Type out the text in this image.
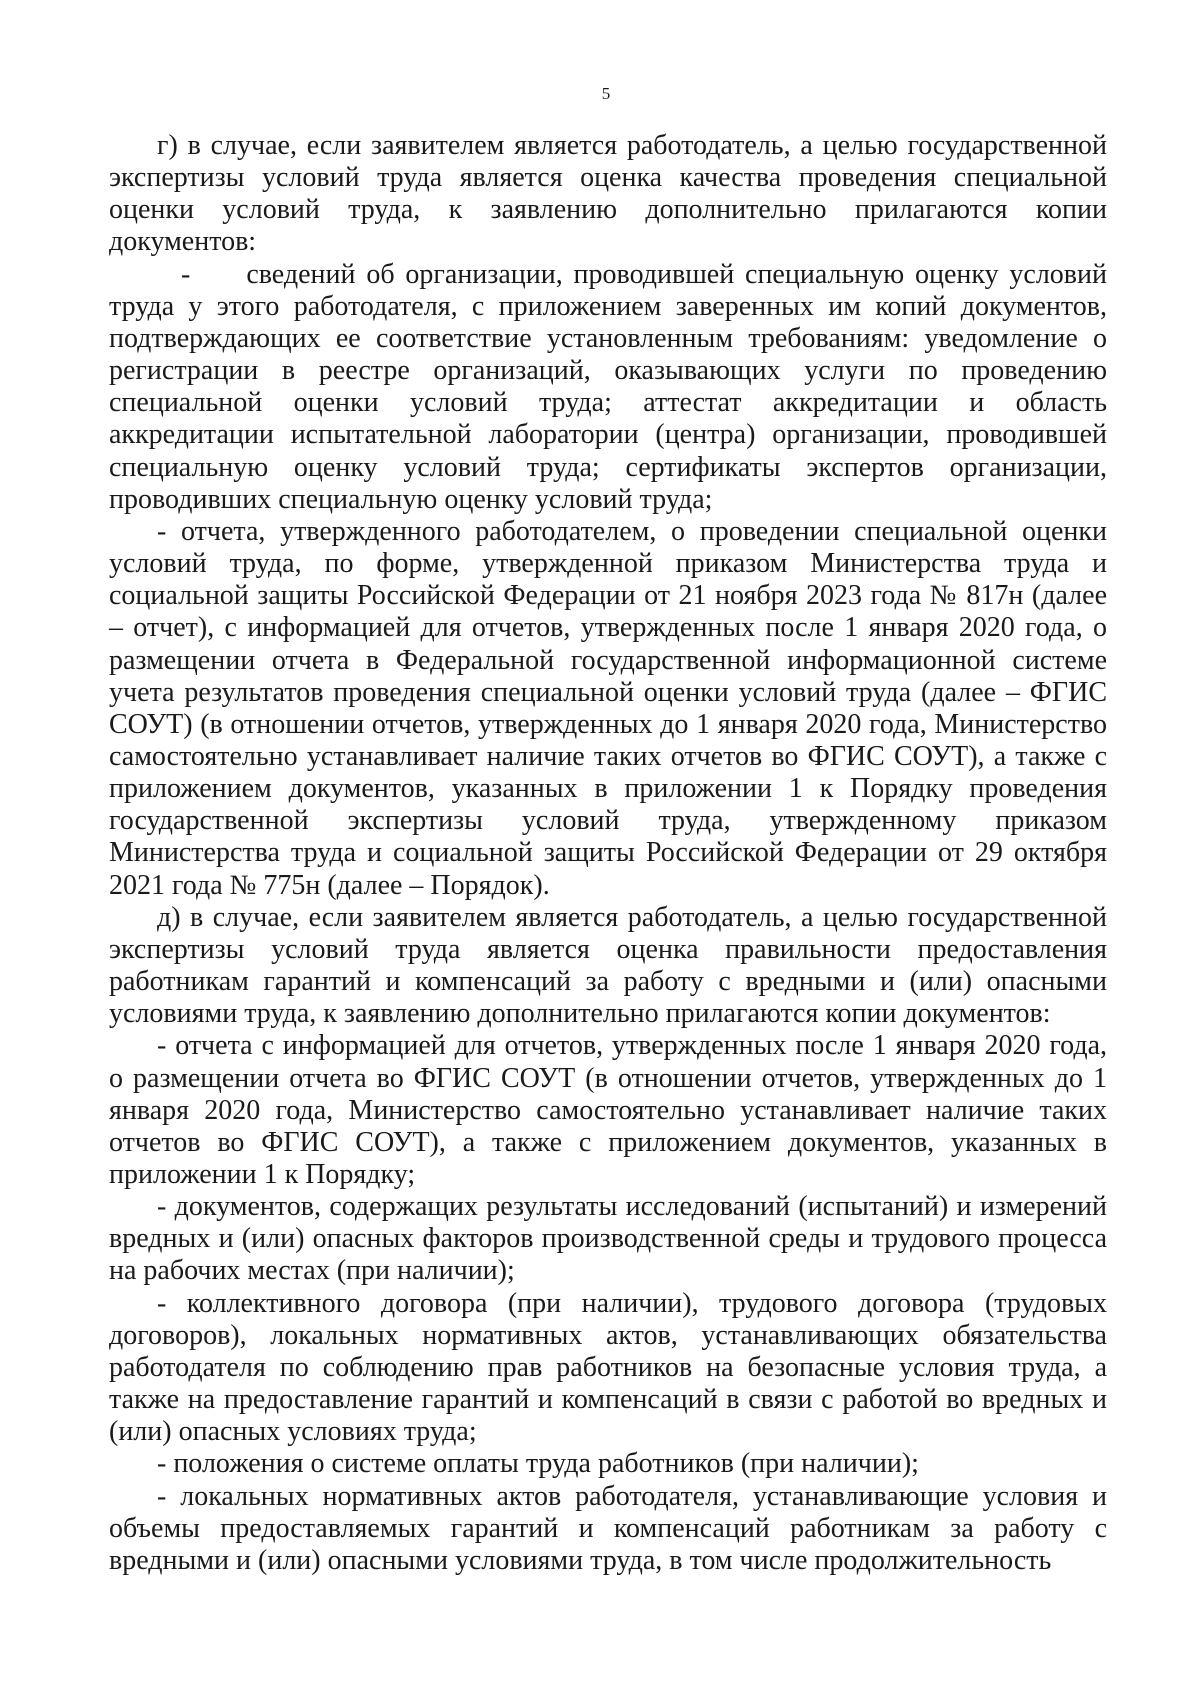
5

г) в случае, если заявителем является работодатель, а целью государственной экспертизы условий труда является оценка качества проведения специальной оценки условий труда, к заявлению дополнительно прилагаются копии документов:

-  сведений об организации, проводившей специальную оценку условий труда у этого работодателя, с приложением заверенных им копий документов, подтверждающих ее соответствие установленным требованиям: уведомление о регистрации в реестре организаций, оказывающих услуги по проведению специальной оценки условий труда; аттестат аккредитации и область аккредитации испытательной лаборатории (центра) организации, проводившей специальную оценку условий труда; сертификаты экспертов организации, проводивших специальную оценку условий труда;

- отчета, утвержденного работодателем, о проведении специальной оценки условий труда, по форме, утвержденной приказом Министерства труда и социальной защиты Российской Федерации от 21 ноября 2023 года № 817н (далее – отчет), с информацией для отчетов, утвержденных после 1 января 2020 года, о размещении отчета в Федеральной государственной информационной системе учета результатов проведения специальной оценки условий труда (далее – ФГИС СОУТ) (в отношении отчетов, утвержденных до 1 января 2020 года, Министерство самостоятельно устанавливает наличие таких отчетов во ФГИС СОУТ), а также с приложением документов, указанных в приложении 1 к Порядку проведения государственной экспертизы условий труда, утвержденному приказом Министерства труда и социальной защиты Российской Федерации от 29 октября 2021 года № 775н (далее – Порядок).

д) в случае, если заявителем является работодатель, а целью государственной экспертизы условий труда является оценка правильности предоставления работникам гарантий и компенсаций за работу с вредными и (или) опасными условиями труда, к заявлению дополнительно прилагаются копии документов:

- отчета с информацией для отчетов, утвержденных после 1 января 2020 года, о размещении отчета во ФГИС СОУТ (в отношении отчетов, утвержденных до 1 января 2020 года, Министерство самостоятельно устанавливает наличие таких отчетов во ФГИС СОУТ), а также с приложением документов, указанных в приложении 1 к Порядку;

- документов, содержащих результаты исследований (испытаний) и измерений вредных и (или) опасных факторов производственной среды и трудового процесса на рабочих местах (при наличии);

- коллективного договора (при наличии), трудового договора (трудовых договоров), локальных нормативных актов, устанавливающих обязательства работодателя по соблюдению прав работников на безопасные условия труда, а также на предоставление гарантий и компенсаций в связи с работой во вредных и (или) опасных условиях труда;

- положения о системе оплаты труда работников (при наличии);

- локальных нормативных актов работодателя, устанавливающие условия и объемы предоставляемых гарантий и компенсаций работникам за работу с вредными и (или) опасными условиями труда, в том числе продолжительность
